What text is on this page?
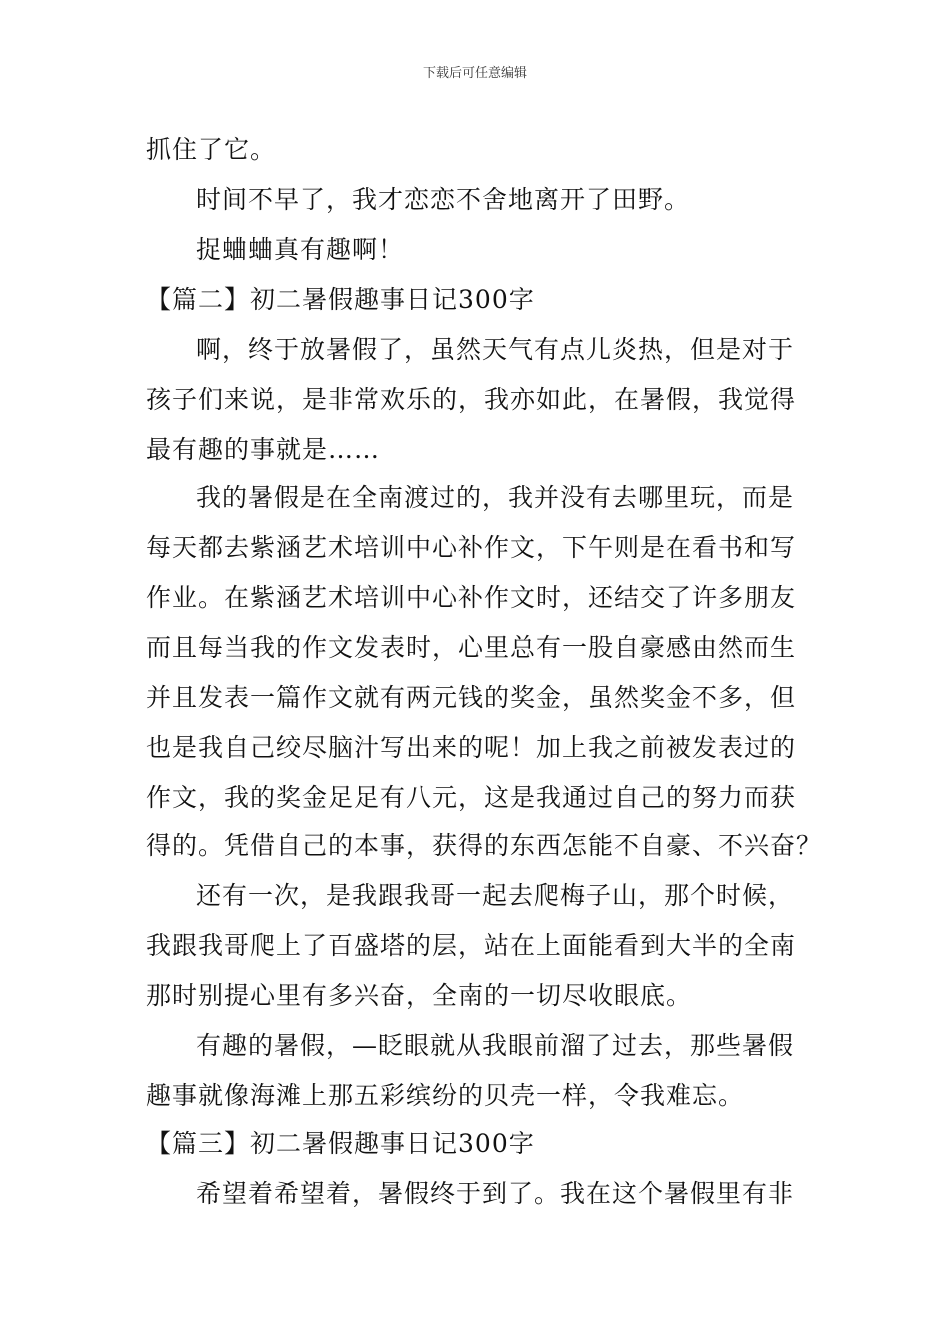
下载后可任意编辑
抓住了它。
时间不早了，我才恋恋不舍地离开了田野。
捉蛐蛐真有趣啊！
【篇二】初二暑假趣事日记300字
啊，终于放暑假了，虽然天气有点儿炎热，但是对于
孩子们来说，是非常欢乐的，我亦如此，在暑假，我觉得
最有趣的事就是……
我的暑假是在全南渡过的，我并没有去哪里玩，而是
每天都去紫涵艺术培训中心补作文，下午则是在看书和写
作业。在紫涵艺术培训中心补作文时，还结交了许多朋友
而且每当我的作文发表时，心里总有一股自豪感由然而生
并且发表一篇作文就有两元钱的奖金，虽然奖金不多，但
也是我自己绞尽脑汁写出来的呢！加上我之前被发表过的
作文，我的奖金足足有八元，这是我通过自己的努力而获
得的。凭借自己的本事，获得的东西怎能不自豪、不兴奋？
还有一次，是我跟我哥一起去爬梅子山，那个时候，
我跟我哥爬上了百盛塔的层，站在上面能看到大半的全南
那时别提心里有多兴奋，全南的一切尽收眼底。
有趣的暑假，—眨眼就从我眼前溜了过去，那些暑假
趣事就像海滩上那五彩缤纷的贝壳一样，令我难忘。
【篇三】初二暑假趣事日记300字
希望着希望着，暑假终于到了。我在这个暑假里有非
